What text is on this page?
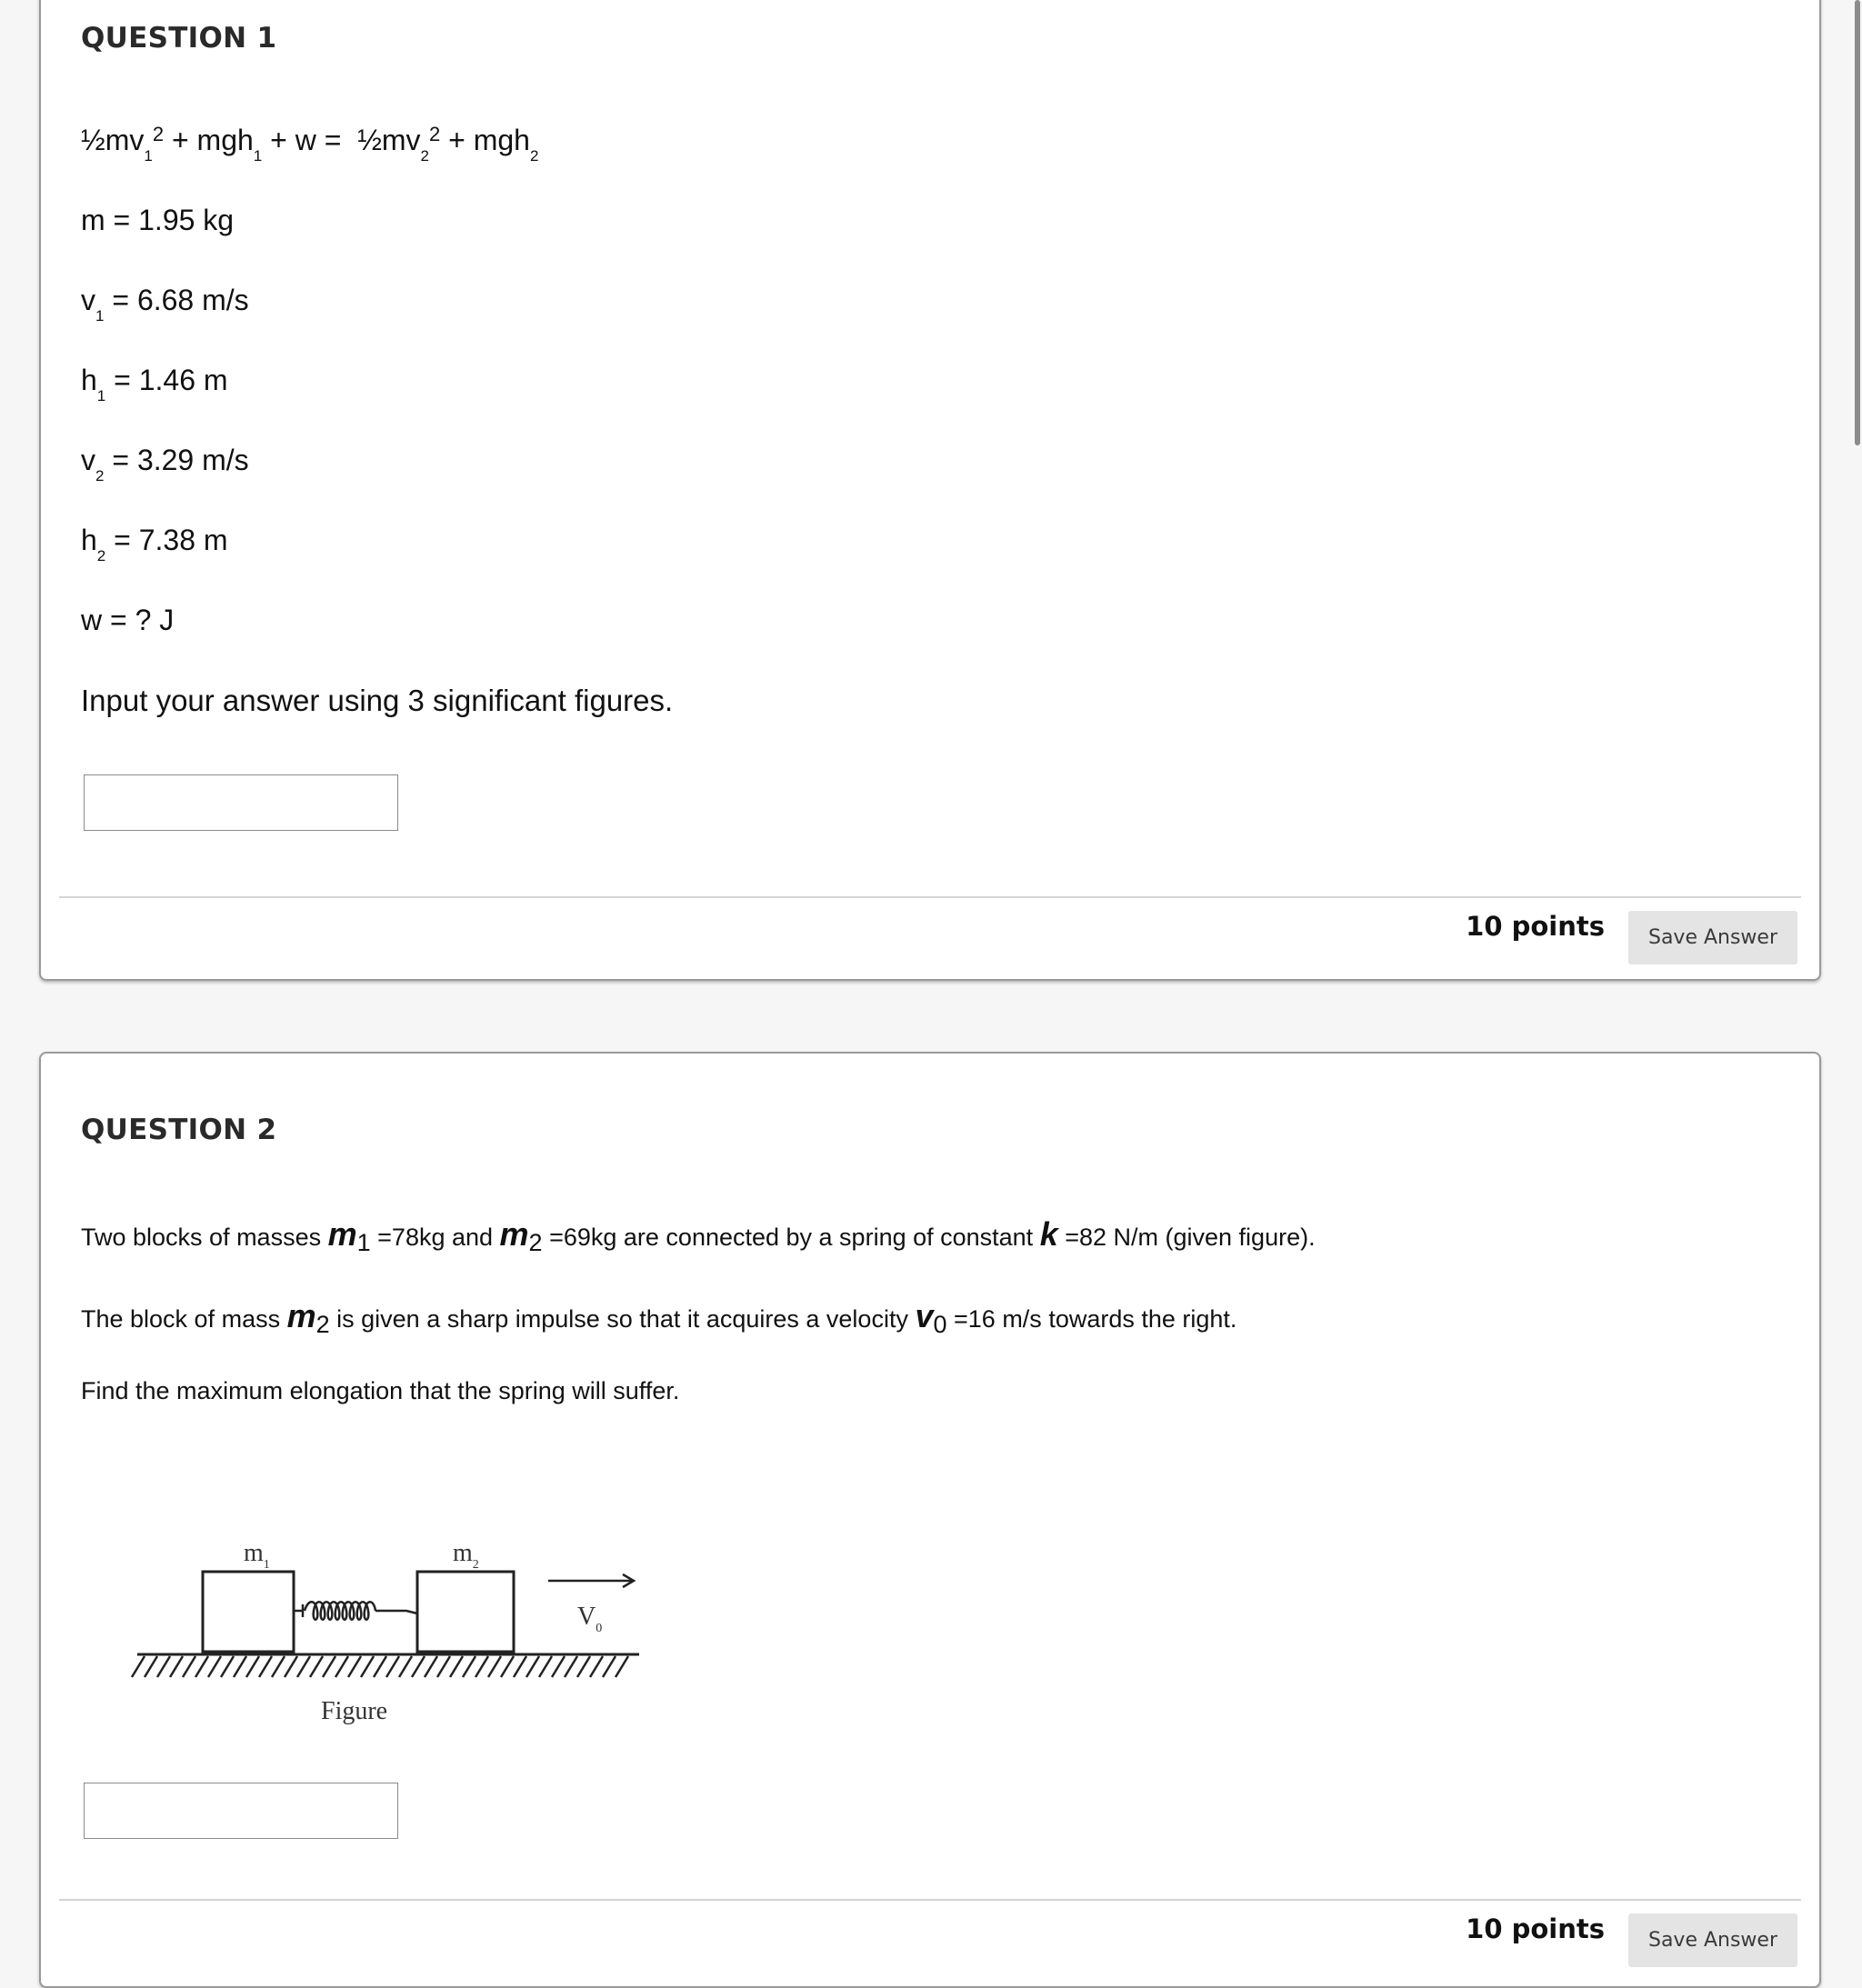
QUESTION 1
$\frac{1}{2}mv_1^2 + mgh_1 + w$ =  $\frac{1}{2}mv_2^2 + mgh_2$
m = 1.95 kg
$v_1 = 6.68$ m/s
$h_1 = 1.46$ m
$v_2 = 3.29$ m/s
$h_2 = 7.38$ m
w = ? J
Input your answer using 3 significant figures.
10 points	Save Answer
QUESTION 2
Two blocks of masses m1 =78kg and m2 =69kg are connected by a spring of constant k =82 N/m (given figure).
The block of mass m2 is given a sharp impulse so that it acquires a velocity v0 =16 m/s towards the right.
Find the maximum elongation that the spring will suffer.
$m_1$	$m_2$
$V_0$
Figure
10 points	Save Answer
